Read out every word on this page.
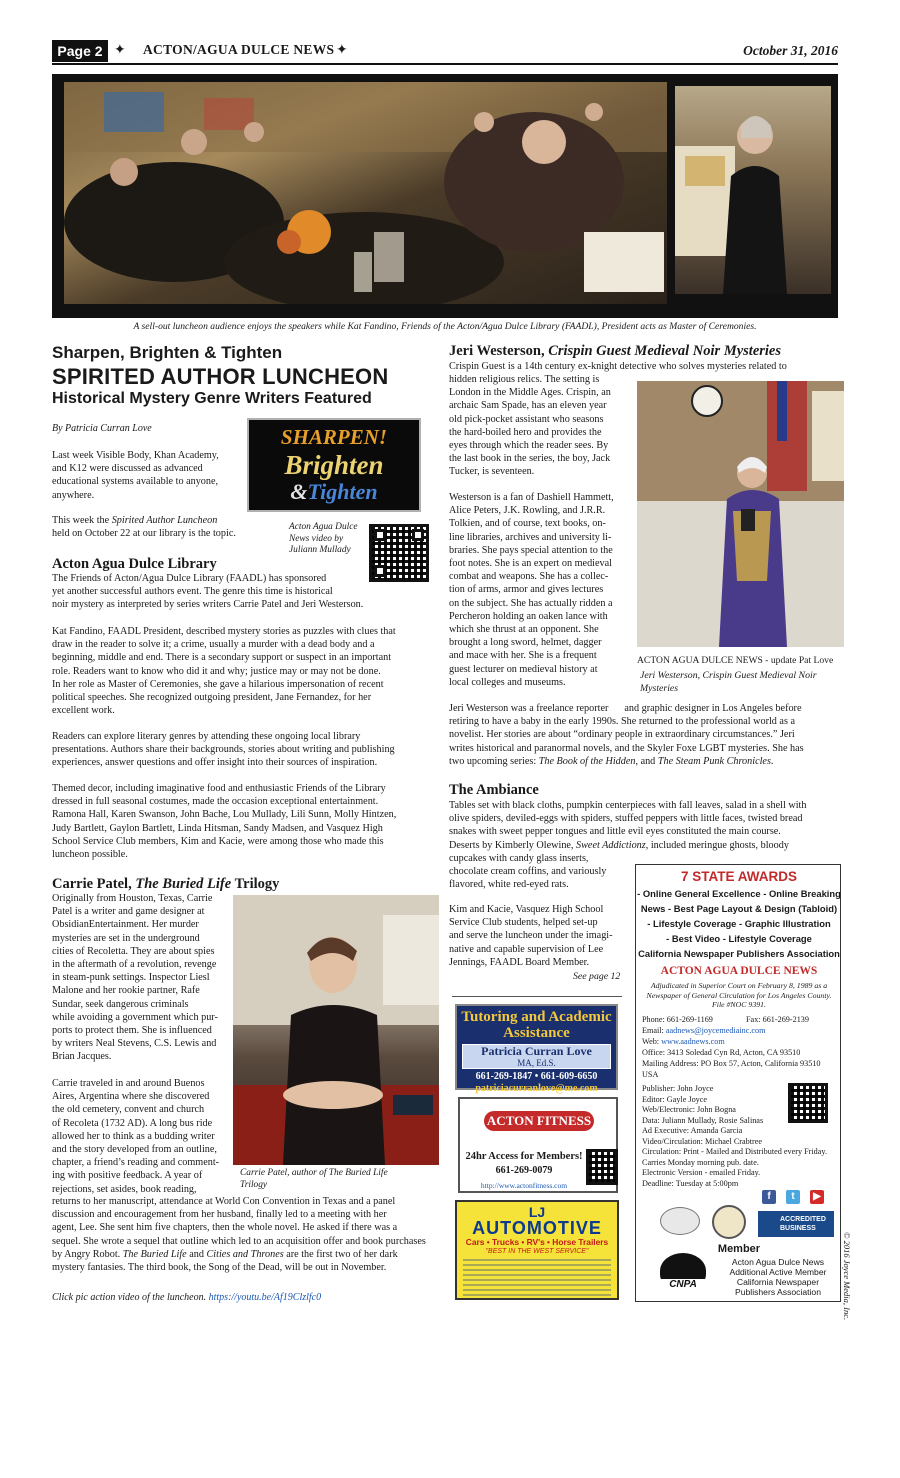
Page 2 ✦ ACTON/AGUA DULCE NEWS ✦	October 31, 2016
A sell-out luncheon audience enjoys the speakers while Kat Fandino, Friends of the Acton/Agua Dulce Library (FAADL), President acts as Master of Ceremonies.
Sharpen, Brighten & Tighten
SPIRITED AUTHOR LUNCHEON
Historical Mystery Genre Writers Featured
By Patricia Curran Love
Last week Visible Body, Khan Academy,
and K12 were discussed as advanced
educational systems available to anyone,
anywhere.
This week the Spirited Author Luncheon
held on October 22 at our library is the topic.
SHARPEN!
Brighten
&Tighten
Acton Agua Dulce
News video by
Juliann Mullady
Acton Agua Dulce Library
The Friends of Acton/Agua Dulce Library (FAADL) has sponsored
yet another successful authors event. The genre this time is historical
noir mystery as interpreted by series writers Carrie Patel and Jeri Westerson.
Kat Fandino, FAADL President, described mystery stories as puzzles with clues that
draw in the reader to solve it; a crime, usually a murder with a dead body and a
beginning, middle and end. There is a secondary support or suspect in an important
role. Readers want to know who did it and why; justice may or may not be done.
In her role as Master of Ceremonies, she gave a hilarious impersonation of recent
political speeches. She recognized outgoing president, Jane Fernandez, for her
excellent work.
Readers can explore literary genres by attending these ongoing local library
presentations. Authors share their backgrounds, stories about writing and publishing
experiences, answer questions and offer insight into their sources of inspiration.
Themed decor, including imaginative food and enthusiastic Friends of the Library
dressed in full seasonal costumes, made the occasion exceptional entertainment.
Ramona Hall, Karen Swanson, John Bache, Lou Mullady, Lili Sunn, Molly Hintzen,
Judy Bartlett, Gaylon Bartlett, Linda Hitsman, Sandy Madsen, and Vasquez High
School Service Club members, Kim and Kacie, were among those who made this
luncheon possible.
Carrie Patel, The Buried Life Trilogy
Originally from Houston, Texas, Carrie
Patel is a writer and game designer at
ObsidianEntertainment. Her murder
mysteries are set in the underground
cities of Recoletta. They are about spies
in the aftermath of a revolution, revenge
in steam-punk settings. Inspector Liesl
Malone and her rookie partner, Rafe
Sundar, seek dangerous criminals
while avoiding a government which pur-
ports to protect them. She is influenced
by writers Neal Stevens, C.S. Lewis and
Brian Jacques.
Carrie traveled in and around Buenos
Aires, Argentina where she discovered
the old cemetery, convent and church
of Recoleta (1732 AD). A long bus ride
allowed her to think as a budding writer
and the story developed from an outline,
chapter, a friend’s reading and comment-
ing with positive feedback. A year of
rejections, set asides, book reading,
Carrie Patel, author of The Buried Life
Trilogy
returns to her manuscript, attendance at World Con Convention in Texas and a panel
discussion and encouragement from her husband, finally led to a meeting with her
agent, Lee. She sent him five chapters, then the whole novel. He asked if there was a
sequel. She wrote a sequel that outline which led to an acquisition offer and book purchases
by Angry Robot. The Buried Life and Cities and Thrones are the first two of her dark
mystery fantasies. The third book, the Song of the Dead, will be out in November.
Click pic action video of the luncheon. https://youtu.be/Af19Clzlfc0
Jeri Westerson, Crispin Guest Medieval Noir Mysteries
Crispin Guest is a 14th century ex-knight detective who solves mysteries related to
hidden religious relics. The setting is
London in the Middle Ages. Crispin, an
archaic Sam Spade, has an eleven year
old pick-pocket assistant who seasons
the hard-boiled hero and provides the
eyes through which the reader sees. By
the last book in the series, the boy, Jack
Tucker, is seventeen.
Westerson is a fan of Dashiell Hammett,
Alice Peters, J.K. Rowling, and J.R.R.
Tolkien, and of course, text books, on-
line libraries, archives and university li-
braries. She pays special attention to the
foot notes. She is an expert on medieval
combat and weapons. She has a collec-
tion of arms, armor and gives lectures
on the subject. She has actually ridden a
Percheron holding an oaken lance with
which she thrust at an opponent. She
brought a long sword, helmet, dagger
and mace with her. She is a frequent
guest lecturer on medieval history at
local colleges and museums.
ACTON AGUA DULCE NEWS - update Pat Love
Jeri Westerson, Crispin Guest Medieval Noir
Mysteries
Jeri Westerson was a freelance reporter and graphic designer in Los Angeles before
retiring to have a baby in the early 1990s. She returned to the professional world as a
novelist. Her stories are about “ordinary people in extraordinary circumstances.” Jeri
writes historical and paranormal novels, and the Skyler Foxe LGBT mysteries. She has
two upcoming series: The Book of the Hidden, and The Steam Punk Chronicles.
The Ambiance
Tables set with black cloths, pumpkin centerpieces with fall leaves, salad in a shell with
olive spiders, deviled-eggs with spiders, stuffed peppers with little faces, twisted bread
snakes with sweet pepper tongues and little evil eyes constituted the main course.
Deserts by Kimberly Olewine, Sweet Addictionz, included meringue ghosts, bloody
cupcakes with candy glass inserts,
chocolate cream coffins, and variously
flavored, white red-eyed rats.
Kim and Kacie, Vasquez High School
Service Club students, helped set-up
and serve the luncheon under the imagi-
native and capable supervision of Lee
Jennings, FAADL Board Member.
See page 12
Tutoring and Academic Assistance
Patricia Curran Love
MA, Ed.S.
661-269-1847 • 661-609-6650
patriciacurranlove@me.com
ACTON FITNESS
24hr Access for Members!
661-269-0079
http://www.actonfitness.com
LJ
AUTOMOTIVE
Cars • Trucks • RV's • Horse Trailers
"BEST IN THE WEST SERVICE"
7 STATE AWARDS
- Online General Excellence - Online Breaking
News - Best Page Layout & Design (Tabloid)
- Lifestyle Coverage - Graphic Illustration
- Best Video - Lifestyle Coverage
California Newspaper Publishers Association
ACTON AGUA DULCE NEWS
Adjudicated in Superior Court on February 8, 1989 as a
Newspaper of General Circulation for Los Angeles County.
File #NOC 9391.
Phone: 661-269-1169	Fax: 661-269-2139
Email: aadnews@joycemediainc.com
Web: www.aadnews.com
Office: 3413 Soledad Cyn Rd, Acton, CA 93510
Mailing Address: PO Box 57, Acton, California 93510
USA
Publisher: John Joyce
Editor: Gayle Joyce
Web/Electronic: John Bogna
Data: Juliann Mullady, Rosie Salinas
Ad Executive: Amanda Garcia
Video/Circulation: Michael Crabtree
Circulation: Print - Mailed and Distributed every Friday.
Carries Monday morning pub. date.
Electronic Version - emailed Friday.
Deadline: Tuesday at 5:00pm
f	t	▶
ACCREDITED
BUSINESS
Member
CNPA
Acton Agua Dulce News
Additional Active Member
California Newspaper
Publishers Association	© 2016 Joyce Media, Inc.
